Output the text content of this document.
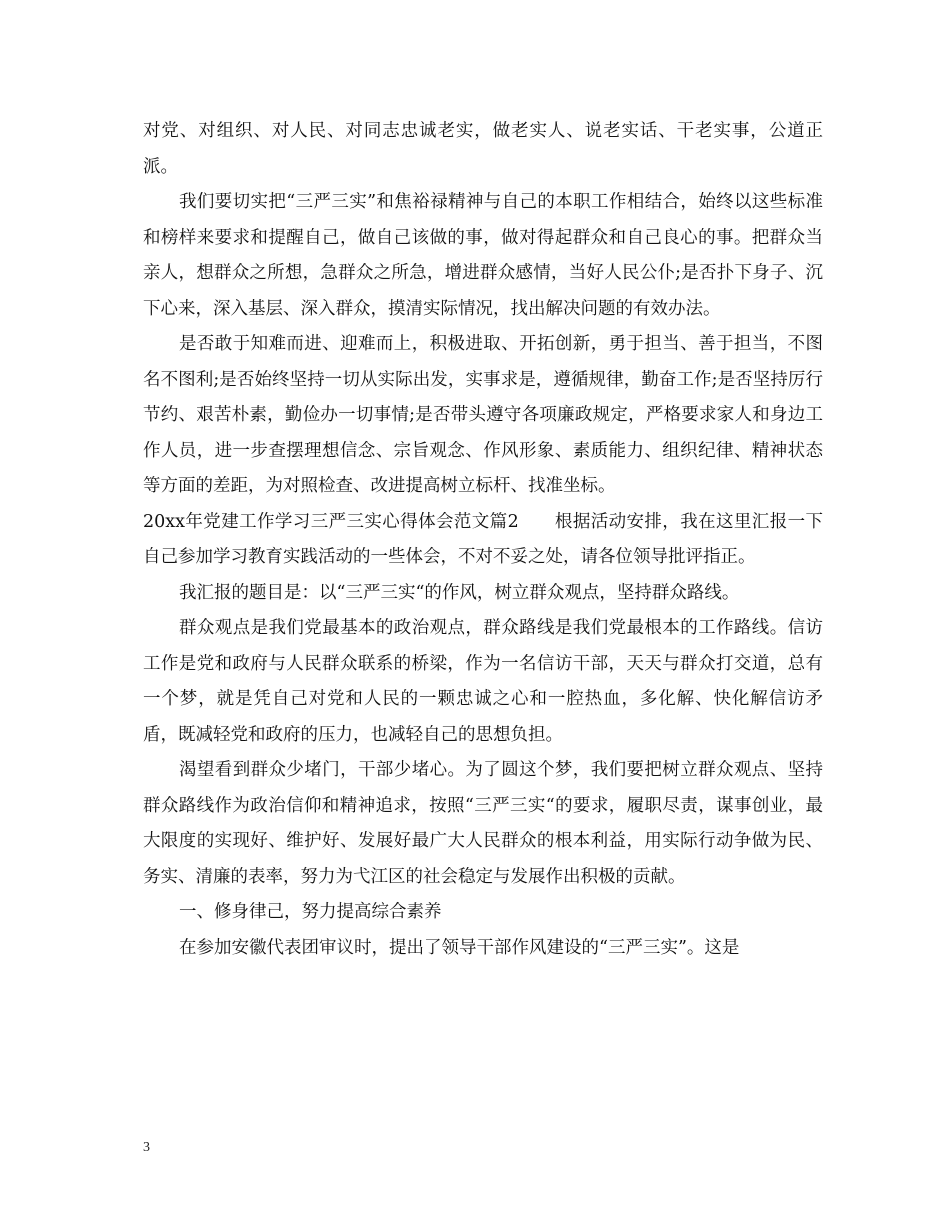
对党、对组织、对人民、对同志忠诚老实，做老实人、说老实话、干老实事，公道正派。

我们要切实把“三严三实”和焦裕禄精神与自己的本职工作相结合，始终以这些标准和榜样来要求和提醒自己，做自己该做的事，做对得起群众和自己良心的事。把群众当亲人，想群众之所想，急群众之所急，增进群众感情，当好人民公仆;是否扑下身子、沉下心来，深入基层、深入群众，摸清实际情况，找出解决问题的有效办法。

是否敢于知难而进、迎难而上，积极进取、开拓创新，勇于担当、善于担当，不图名不图利;是否始终坚持一切从实际出发，实事求是，遵循规律，勤奋工作;是否坚持厉行节约、艰苦朴素，勤俭办一切事情;是否带头遵守各项廉政规定，严格要求家人和身边工作人员，进一步查摆理想信念、宗旨观念、作风形象、素质能力、组织纪律、精神状态等方面的差距，为对照检查、改进提高树立标杆、找准坐标。

20xx年党建工作学习三严三实心得体会范文篇2　　根据活动安排，我在这里汇报一下自己参加学习教育实践活动的一些体会，不对不妥之处，请各位领导批评指正。

我汇报的题目是：以“三严三实“的作风，树立群众观点，坚持群众路线。

群众观点是我们党最基本的政治观点，群众路线是我们党最根本的工作路线。信访工作是党和政府与人民群众联系的桥梁，作为一名信访干部，天天与群众打交道，总有一个梦，就是凭自己对党和人民的一颗忠诚之心和一腔热血，多化解、快化解信访矛盾，既减轻党和政府的压力，也减轻自己的思想负担。

渴望看到群众少堵门，干部少堵心。为了圆这个梦，我们要把树立群众观点、坚持群众路线作为政治信仰和精神追求，按照“三严三实“的要求，履职尽责，谋事创业，最大限度的实现好、维护好、发展好最广大人民群众的根本利益，用实际行动争做为民、务实、清廉的表率，努力为弋江区的社会稳定与发展作出积极的贡献。

一、修身律己，努力提高综合素养

在参加安徽代表团审议时，提出了领导干部作风建设的“三严三实”。这是

3
